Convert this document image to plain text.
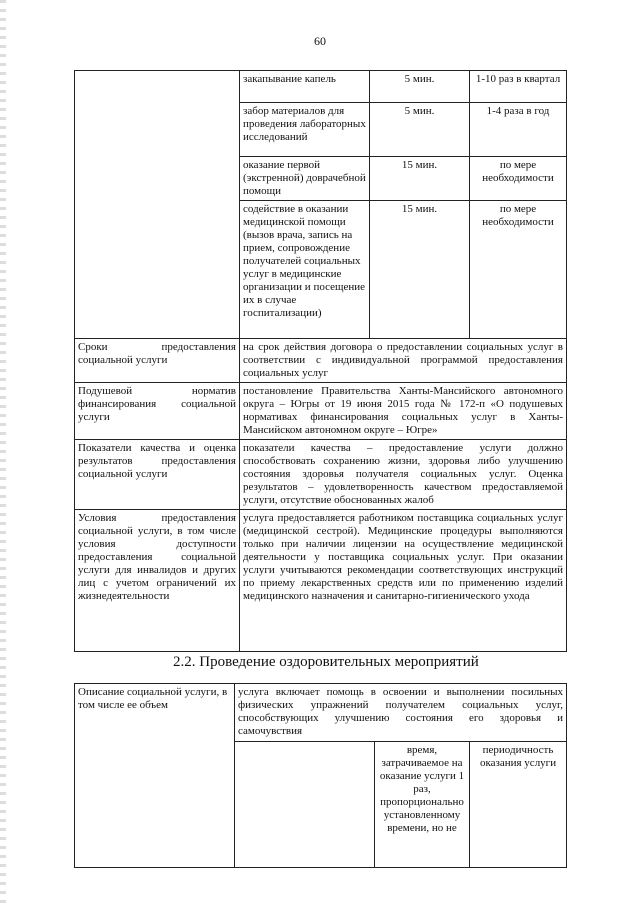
60
	закапывание капель	5 мин.	1-10 раз в квартал
	забор материалов для проведения лабораторных исследований	5 мин.	1-4 раза в год
	оказание первой (экстренной) доврачебной помощи	15 мин.	по мере необходимости
	содействие в оказании медицинской помощи (вызов врача, запись на прием, сопровождение получателей социальных услуг в медицинские организации и посещение их в случае госпитализации)	15 мин.	по мере необходимости
Сроки предоставления социальной услуги	на срок действия договора о предоставлении социальных услуг в соответствии с индивидуальной программой предоставления социальных услуг		
Подушевой норматив финансирования социальной услуги	постановление Правительства Ханты-Мансийского автономного округа – Югры от 19 июня 2015 года № 172-п «О подушевых нормативах финансирования социальных услуг в Ханты-Мансийском автономном округе – Югре»		
Показатели качества и оценка результатов предоставления социальной услуги	показатели качества – предоставление услуги должно способствовать сохранению жизни, здоровья либо улучшению состояния здоровья получателя социальных услуг. Оценка результатов – удовлетворенность качеством предоставляемой услуги, отсутствие обоснованных жалоб		
Условия предоставления социальной услуги, в том числе условия доступности предоставления социальной услуги для инвалидов и других лиц с учетом ограничений их жизнедеятельности	услуга предоставляется работником поставщика социальных услуг (медицинской сестрой). Медицинские процедуры выполняются только при наличии лицензии на осуществление медицинской деятельности у поставщика социальных услуг. При оказании услуги учитываются рекомендации соответствующих инструкций по приему лекарственных средств или по применению изделий медицинского назначения и санитарно-гигиенического ухода		
2.2. Проведение оздоровительных мероприятий
Описание социальной услуги, в том числе ее объем	услуга включает помощь в освоении и выполнении посильных физических упражнений получателем социальных услуг, способствующих улучшению состояния его здоровья и самочувствия		
		время, затрачиваемое на оказание услуги 1 раз, пропорционально установленному времени, но не	периодичность оказания услуги
